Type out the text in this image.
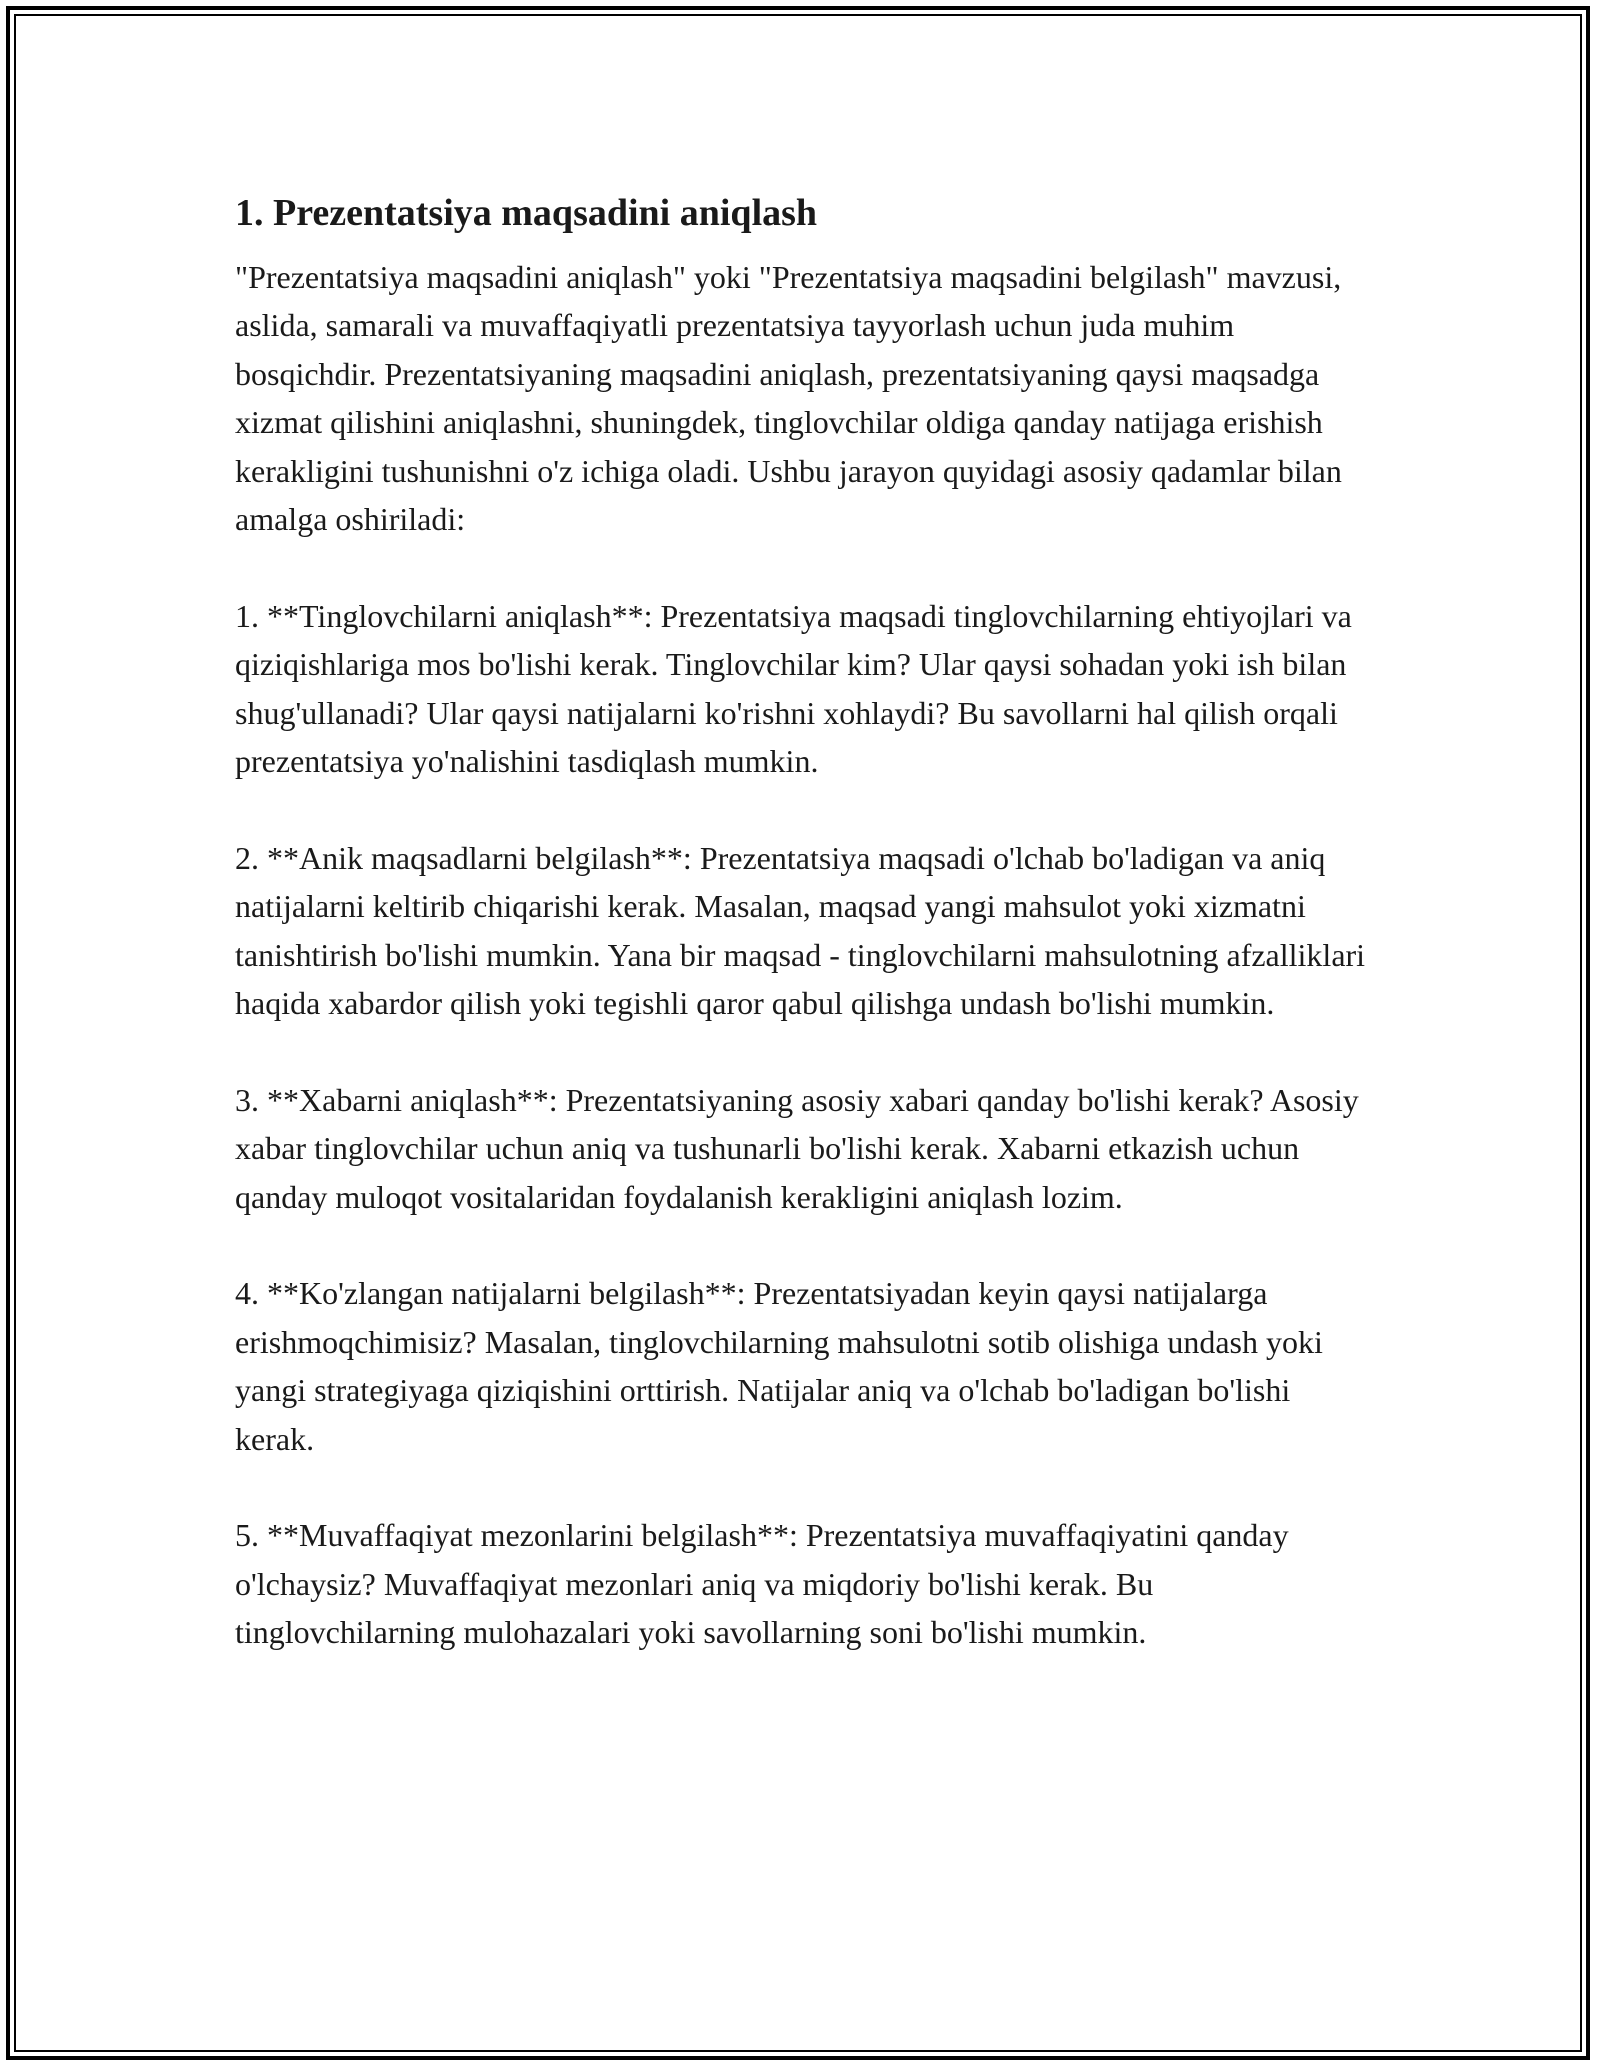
1. Prezentatsiya maqsadini aniqlash

"Prezentatsiya maqsadini aniqlash" yoki "Prezentatsiya maqsadini belgilash" mavzusi, aslida, samarali va muvaffaqiyatli prezentatsiya tayyorlash uchun juda muhim bosqichdir. Prezentatsiyaning maqsadini aniqlash, prezentatsiyaning qaysi maqsadga xizmat qilishini aniqlashni, shuningdek, tinglovchilar oldiga qanday natijaga erishish kerakligini tushunishni o'z ichiga oladi. Ushbu jarayon quyidagi asosiy qadamlar bilan amalga oshiriladi:

1. **Tinglovchilarni aniqlash**: Prezentatsiya maqsadi tinglovchilarning ehtiyojlari va qiziqishlariga mos bo'lishi kerak. Tinglovchilar kim? Ular qaysi sohadan yoki ish bilan shug'ullanadi? Ular qaysi natijalarni ko'rishni xohlaydi? Bu savollarni hal qilish orqali prezentatsiya yo'nalishini tasdiqlash mumkin.

2. **Anik maqsadlarni belgilash**: Prezentatsiya maqsadi o'lchab bo'ladigan va aniq natijalarni keltirib chiqarishi kerak. Masalan, maqsad yangi mahsulot yoki xizmatni tanishtirish bo'lishi mumkin. Yana bir maqsad - tinglovchilarni mahsulotning afzalliklari haqida xabardor qilish yoki tegishli qaror qabul qilishga undash bo'lishi mumkin.

3. **Xabarni aniqlash**: Prezentatsiyaning asosiy xabari qanday bo'lishi kerak? Asosiy xabar tinglovchilar uchun aniq va tushunarli bo'lishi kerak. Xabarni etkazish uchun qanday muloqot vositalaridan foydalanish kerakligini aniqlash lozim.

4. **Ko'zlangan natijalarni belgilash**: Prezentatsiyadan keyin qaysi natijalarga erishmoqchimisiz? Masalan, tinglovchilarning mahsulotni sotib olishiga undash yoki yangi strategiyaga qiziqishini orttirish. Natijalar aniq va o'lchab bo'ladigan bo'lishi kerak.

5. **Muvaffaqiyat mezonlarini belgilash**: Prezentatsiya muvaffaqiyatini qanday o'lchaysiz? Muvaffaqiyat mezonlari aniq va miqdoriy bo'lishi kerak. Bu tinglovchilarning mulohazalari yoki savollarning soni bo'lishi mumkin.
